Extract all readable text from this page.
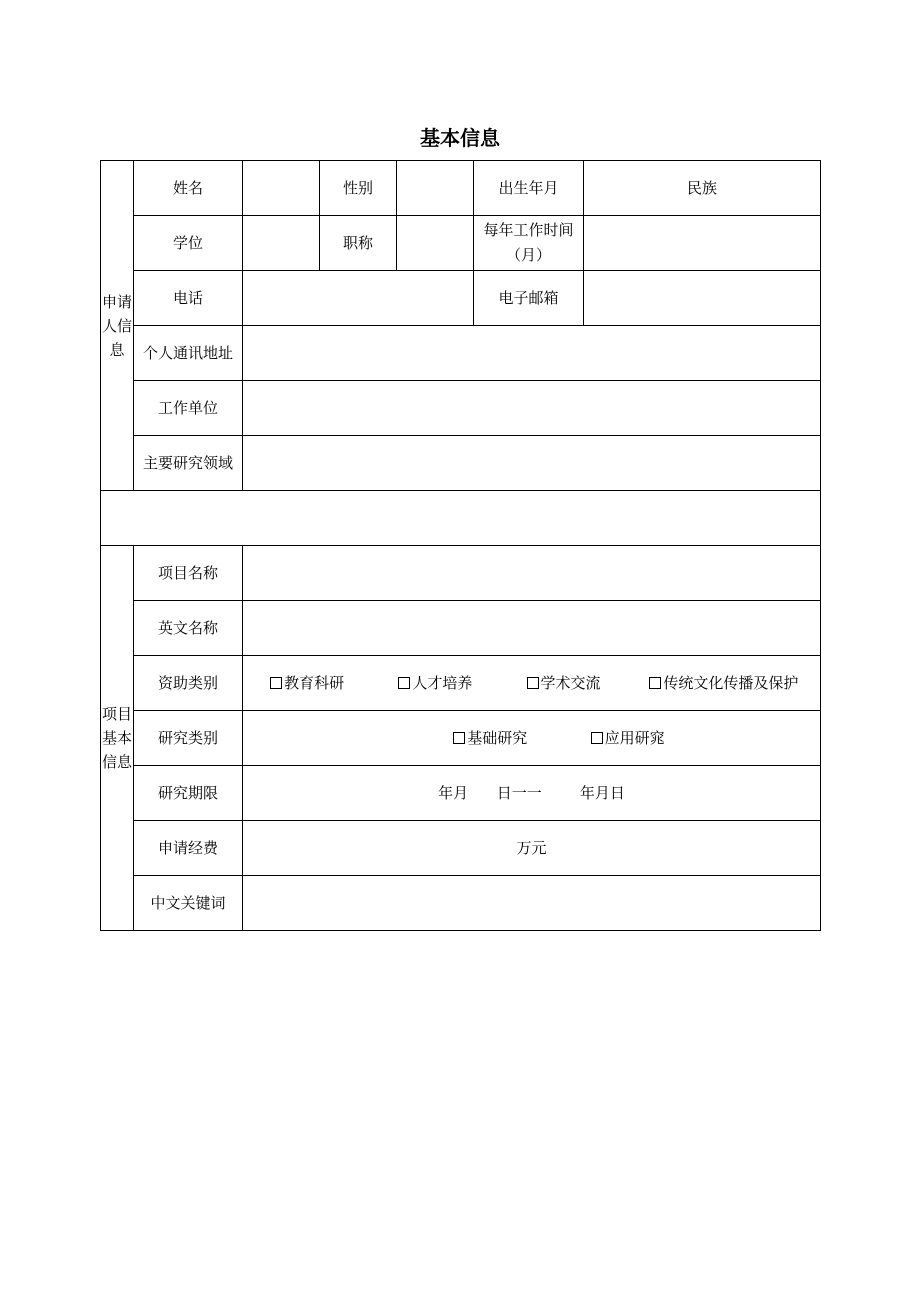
基本信息
申请人信息	姓名		性别		出生年月	民族
	学位		职称		每年工作时间
（月）	
	电话				电子邮箱	
	个人通讯地址					
	工作单位					
	主要研究领域					

项目基本信息	项目名称					
	英文名称					
	资助类别	教育科研 人才培养 学术交流 传统文化传播及保护				

	研究类别	基础研究 应用研窕				

	研究期限	年月      日一一        年月日				
	申请经费	万元				
	中文关键词					
